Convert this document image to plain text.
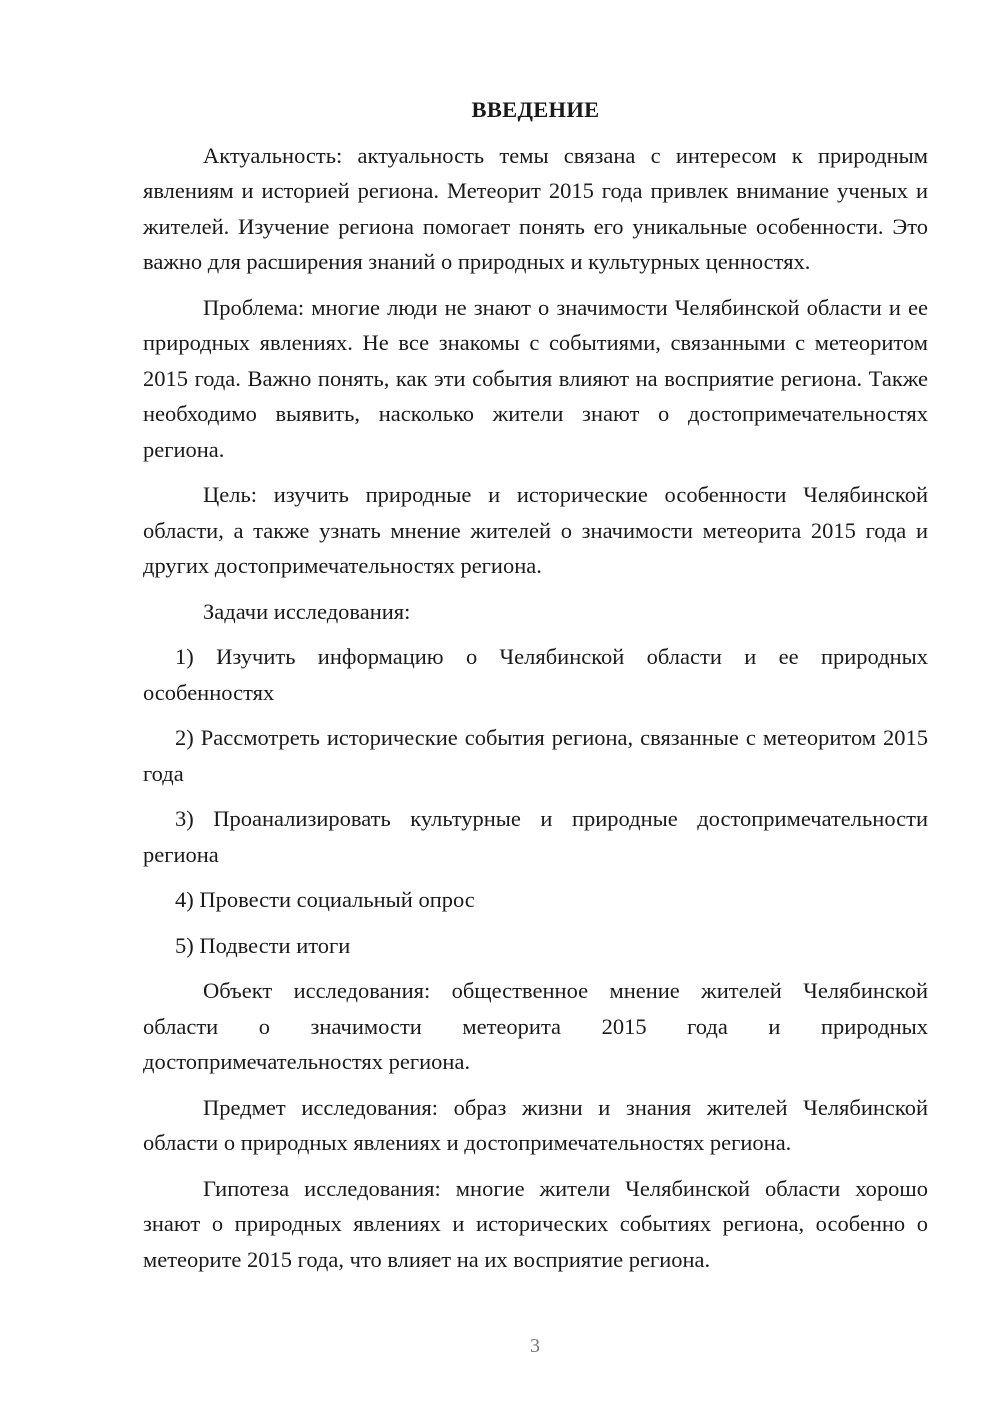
ВВЕДЕНИЕ

Актуальность: актуальность темы связана с интересом к природным явлениям и историей региона. Метеорит 2015 года привлек внимание ученых и жителей. Изучение региона помогает понять его уникальные особенности. Это важно для расширения знаний о природных и культурных ценностях.

Проблема: многие люди не знают о значимости Челябинской области и ее природных явлениях. Не все знакомы с событиями, связанными с метеоритом 2015 года. Важно понять, как эти события влияют на восприятие региона. Также необходимо выявить, насколько жители знают о достопримечательностях региона.

Цель: изучить природные и исторические особенности Челябинской области, а также узнать мнение жителей о значимости метеорита 2015 года и других достопримечательностях региона.

Задачи исследования:

1) Изучить информацию о Челябинской области и ее природных особенностях

2) Рассмотреть исторические события региона, связанные с метеоритом 2015 года

3) Проанализировать культурные и природные достопримечательности региона

4) Провести социальный опрос

5) Подвести итоги

Объект исследования: общественное мнение жителей Челябинской области о значимости метеорита 2015 года и природных достопримечательностях региона.

Предмет исследования: образ жизни и знания жителей Челябинской области о природных явлениях и достопримечательностях региона.

Гипотеза исследования: многие жители Челябинской области хорошо знают о природных явлениях и исторических событиях региона, особенно о метеорите 2015 года, что влияет на их восприятие региона.

3
